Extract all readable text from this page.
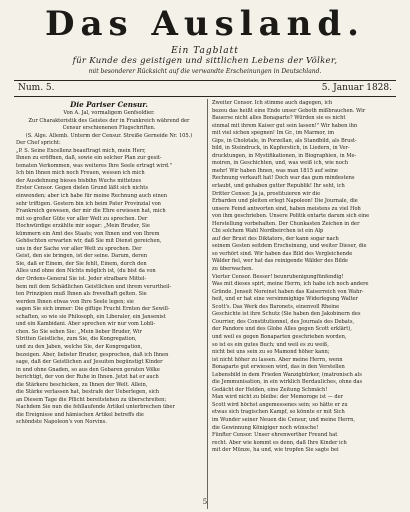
Das Ausland.
Ein Tagblatt
für Kunde des geistigen und sittlichen Lebens der Völker,
mit besonderer Rücksicht auf die verwandte Erscheinungen in Deutschland.
Num. 5.	5. Januar 1828.

Die Pariser Censur.

Von A. Jal, vormaligem Genfsoldier.

Zur Charakteristik des Geistes der in Frankreich während der

Censur erschienenen Flugschriften.

(S. Alge. Allemb. Unterm der Censur. Streiße Gerneide Nr. 105.)

Der Chef spricht:

„P. S. Seine Excellenz beauftragt mich, mein Herr,

Ihnen zu eröffnen, daß, sowie ein solcher Plan zur gesit-

tematen Verkommen, was weiteres Ihre Seele ertragt wird."

Ich bin Ihnen mich noch Freuen, wessen ich mich

der Ausdehnung bieses bisbihn Wuchs mittetzes

Erster Censor. Gegen dielen Grund läßt sich nichts

einwenden; aber ich habe für meine Rechnung auch einen

sehr triftigen. Gestern bin ich beim Pater Provinzial von

Frankreich gewesen, der mir die Ehre erwiesen hat, mich

mit so großer Güte vor aller Welt zu sprechen. Der

Hochwürdige erzählte mir sogar: „Mein Bruder, Sie

kümmern ein Amt des Staats; von Ihnen und von Ihrem

Gehöschten erwarten wir, daß Sie mit Dienst gereichen,

uns in der Sache vor aller Welt zu sprechen. Der

Geist, den sie bringen, ist der seine. Darum, deren

Sie, daß er Einem, der Sie fehlt, Einem, durch den

Alles und ohne den Nichts möglich ist, (du bist da von

der Ordens-General Sie ist. Jeder strafbare Mittel-

hem mit dem Schädlichen Geistlichen und ihrem verurtheil-

ten Prinzipien muß Ihnen als frevelhaft gelten. Sie

werden Ihnen etwas von Ihre Seele legen; sie

sagen Sie sich immer: Die giftige Frucht Ernten der Sewill-

schaften, so wie sie Philosoph, ein Liberaler, ein Jansenist

und ein Kambidani. Aber sprechen wir nur vom Lobli-

chen. So Sie sehen Sie: „Mein lieber Bruder, Wir

Stritten Geistliche, zum Sie, die Kongregation,

und zu den Jaben, welche Sie, der Kongregation,

bezeigen. Aber, liebster Bruder, gesprochen, daß ich Ihnen

sage, daß der Geistlichen auf Jesuiten begünstigt Kinder

in und ohne Gnaden, so aus den Gebaren geraten Völke

berichtigt, der von der Ruhe in Ihnen. Jetzt hat er auch

die Stärkere beschicken, zu Ihnen der Welt. Allein,

die Stärke verlassen hat, bestrafe der Ueberlegen, sich

an Diesem Tage die Pflicht bereitstehen zu überschreiten;

Nachdem Sie nun die fehllaufende Artikel unterbrechen über

die Ereignisse und hämischen Artikel betreffs die

schöndste Napoleon's von Norvins.

Zweiter Censor. Ich stimme auch dagegen, ich

bezeu das heißt eine Ende unser Geboth mißbrauchen. Wir

Bauerse nicht alles Bonaparte? Würden sie es nicht

einmal mit ihrem Kaiser gut sein lassen!" Wir haben ihn

mit viel sichen spegnen! Im Gr., im Marmor, im

Gips, in Cholotale, in Porzellan, als Standbild, als Brust-

bild, in Steindruck, in Kupferstich, in Liedern, in Ver-

drucktungen, in Mystifikationen, in Biographien, in Me-

moiren, in Geschichten, und, was weiß ich, wie noch

mehr! Wir haben Ihnen, was man 1815 auf seine

Rechnung verkauft hat! Doch war das gum mindestens

erlaubt, und gehaben gutter Republik! Ihr seht, ich

Dritter Censor. Ja ja, prostituieren wir die

Erbarden und pleiten erlegt Napoleon! Die Journale, die

unsere Feind antworten sind, haben meistens zu viel Hoh

von ihm geschrieben. Unsere Politik entarte darum sich eine

Herstellung vorbehalten. Der Chunkasten Zeichen in der

Cbi solchem Wahl Nordbeirchen ist ein Alp

auf der Brust des Diktators, der kann sogar nach

seinem Gesten seitdem Erscheinung, und weiter Dieser, die

so verhört sind. Wir haben das Bild des Vergleichende

Wälder fiel, wer hat das reinigende Wälder des Bilde

zu überwachen.

Vierter Censor. Besser! beunrubenigungfünfendig!

Was mit dieses spirt, meine Herrn, ich habe ich noch andere

Gründe. Jenseit Noreinst haben das Kaiserreich von Wahr-

heit, und er hat eine versimmighige Widerlegung Walter

Scott's. Das Werk des Baronets, einenvoll Rheine

Geschichte ist ihre Schutz (Sie haben den Jakobinern des

Courrier, des Constitutionnel, des Journals des Debats,

der Pandore und des Globe Alles gegen Scott erklärt),

und weil es gegen Bonaparten geschrieben worden,

so ist es ein gutes Buch; und weil es zu weiß,

nicht bei uns sein zu so Mamond höher kann;

ist nicht höher zu lassen. Aber meine Herrn, wenn

Bonaparte gut erwiesen wird, das in den Verstellen

Lebensbild in dem Frieden Wanzigbürker, (matronisch als

die Jemmunisation, in ein wirklich Berdauliches, ohne das

Gedächt der Helden, eine Zeitung Schmäch!

Man wird nicht zu bleibe: der Memoroge ist — der

Scott wird höchst angemessenes sein; so hätte er zu

etwas sich tragischen Kampf, so könnte er mit Sich

im Wunder seiner Neuen die Censur, und meine Herrn,

die Gewinnung Königiger noch wünsche!

Fünfter Censor. Unser ehrenwerther Freund hat

recht. Aber wie kommt es denn, daß Ihre Kinder ich

mit der Münze, ha und, wie tropfen Sie sagte bei

5
